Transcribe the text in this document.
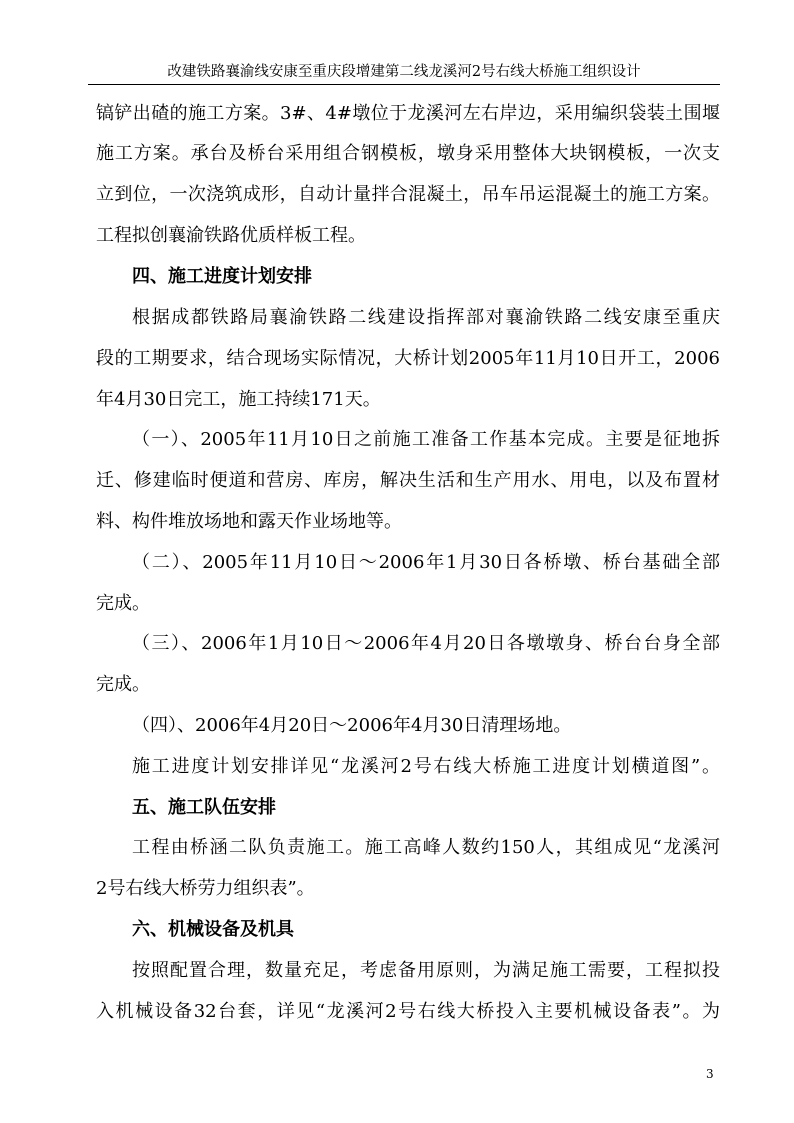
改建铁路襄渝线安康至重庆段增建第二线龙溪河2号右线大桥施工组织设计
镐铲出碴的施工方案。3#、4#墩位于龙溪河左右岸边，采用编织袋装土围堰
施工方案。承台及桥台采用组合钢模板，墩身采用整体大块钢模板，一次支
立到位，一次浇筑成形，自动计量拌合混凝土，吊车吊运混凝土的施工方案。
工程拟创襄渝铁路优质样板工程。
四、施工进度计划安排
根据成都铁路局襄渝铁路二线建设指挥部对襄渝铁路二线安康至重庆
段的工期要求，结合现场实际情况，大桥计划2005年11月10日开工，2006
年4月30日完工，施工持续171天。
（一）、2005年11月10日之前施工准备工作基本完成。主要是征地拆
迁、修建临时便道和营房、库房，解决生活和生产用水、用电，以及布置材
料、构件堆放场地和露天作业场地等。
（二）、2005年11月10日～2006年1月30日各桥墩、桥台基础全部
完成。
（三）、2006年1月10日～2006年4月20日各墩墩身、桥台台身全部
完成。
（四）、2006年4月20日～2006年4月30日清理场地。
施工进度计划安排详见“龙溪河2号右线大桥施工进度计划横道图”。
五、施工队伍安排
工程由桥涵二队负责施工。施工高峰人数约150人，其组成见“龙溪河
2号右线大桥劳力组织表”。
六、机械设备及机具
按照配置合理，数量充足，考虑备用原则，为满足施工需要，工程拟投
入机械设备32台套，详见“龙溪河2号右线大桥投入主要机械设备表”。为
3
